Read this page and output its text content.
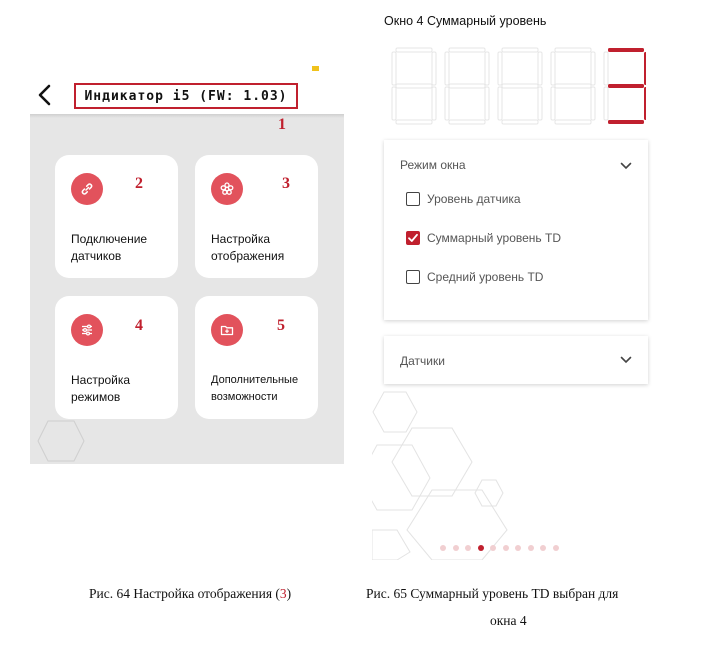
Индикатор i5 (FW: 1.03)
Подключение
датчиков
2
Настройка
отображения
3
Настройка
режимов
4
Дополнительные
возможности
5
1
Окно 4 Суммарный уровень
Режим окна
Уровень датчика
Суммарный уровень TD
Средний уровень TD
Датчики
Рис. 64 Настройка отображения (3)	Рис. 65 Суммарный уровень TD выбран для
окна 4
